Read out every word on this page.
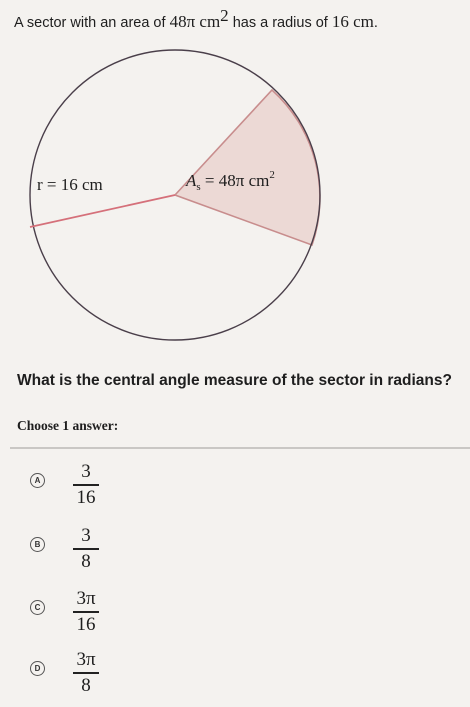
A sector with an area of 48π $cm^2$ has a radius of 16 cm.
r = 16 cm	$A_s = 48\pi$ $cm^2$
What is the central angle measure of the sector in radians?
Choose 1 answer:
A	3
16
B	3
8
C	3π
16
D	3π
8
